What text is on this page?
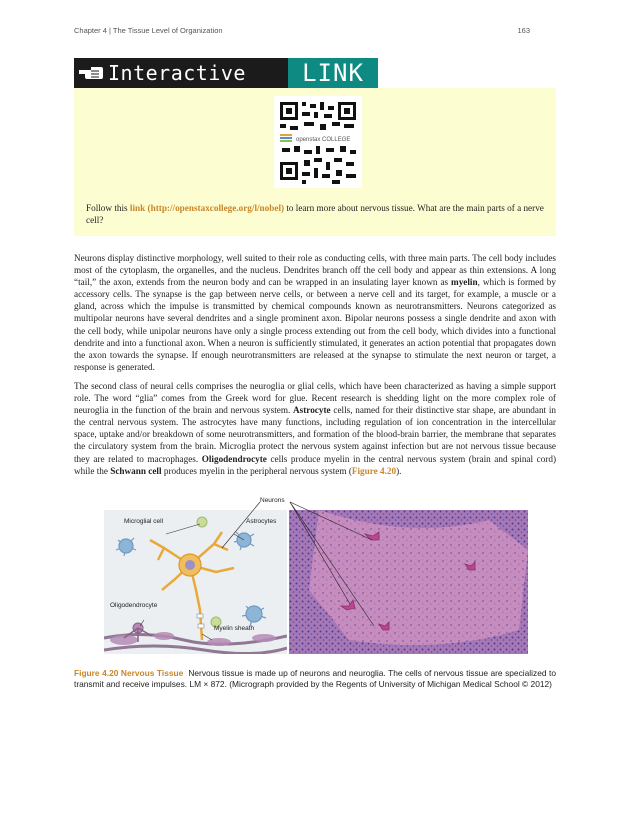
Chapter 4 | The Tissue Level of Organization	163
Interactive	LINK
openstax COLLEGE
Follow this link (http://openstaxcollege.org/l/nobel) to learn more about nervous tissue. What are the main parts of a nerve cell?

Neurons display distinctive morphology, well suited to their role as conducting cells, with three main parts. The cell body includes most of the cytoplasm, the organelles, and the nucleus. Dendrites branch off the cell body and appear as thin extensions. A long “tail,” the axon, extends from the neuron body and can be wrapped in an insulating layer known as myelin, which is formed by accessory cells. The synapse is the gap between nerve cells, or between a nerve cell and its target, for example, a muscle or a gland, across which the impulse is transmitted by chemical compounds known as neurotransmitters. Neurons categorized as multipolar neurons have several dendrites and a single prominent axon. Bipolar neurons possess a single dendrite and axon with the cell body, while unipolar neurons have only a single process extending out from the cell body, which divides into a functional dendrite and into a functional axon. When a neuron is sufficiently stimulated, it generates an action potential that propagates down the axon towards the synapse. If enough neurotransmitters are released at the synapse to stimulate the next neuron or target, a response is generated.

The second class of neural cells comprises the neuroglia or glial cells, which have been characterized as having a simple support role. The word “glia” comes from the Greek word for glue. Recent research is shedding light on the more complex role of neuroglia in the function of the brain and nervous system. Astrocyte cells, named for their distinctive star shape, are abundant in the central nervous system. The astrocytes have many functions, including regulation of ion concentration in the intercellular space, uptake and/or breakdown of some neurotransmitters, and formation of the blood-brain barrier, the membrane that separates the circulatory system from the brain. Microglia protect the nervous system against infection but are not nervous tissue because they are related to macrophages. Oligodendrocyte cells produce myelin in the central nervous system (brain and spinal cord) while the Schwann cell produces myelin in the peripheral nervous system (Figure 4.20).

Neurons
Microglial cell	Astrocytes
Oligodendrocyte
Myelin sheath
Figure 4.20 Nervous Tissue Nervous tissue is made up of neurons and neuroglia. The cells of nervous tissue are specialized to transmit and receive impulses. LM × 872. (Micrograph provided by the Regents of University of Michigan Medical School © 2012)
